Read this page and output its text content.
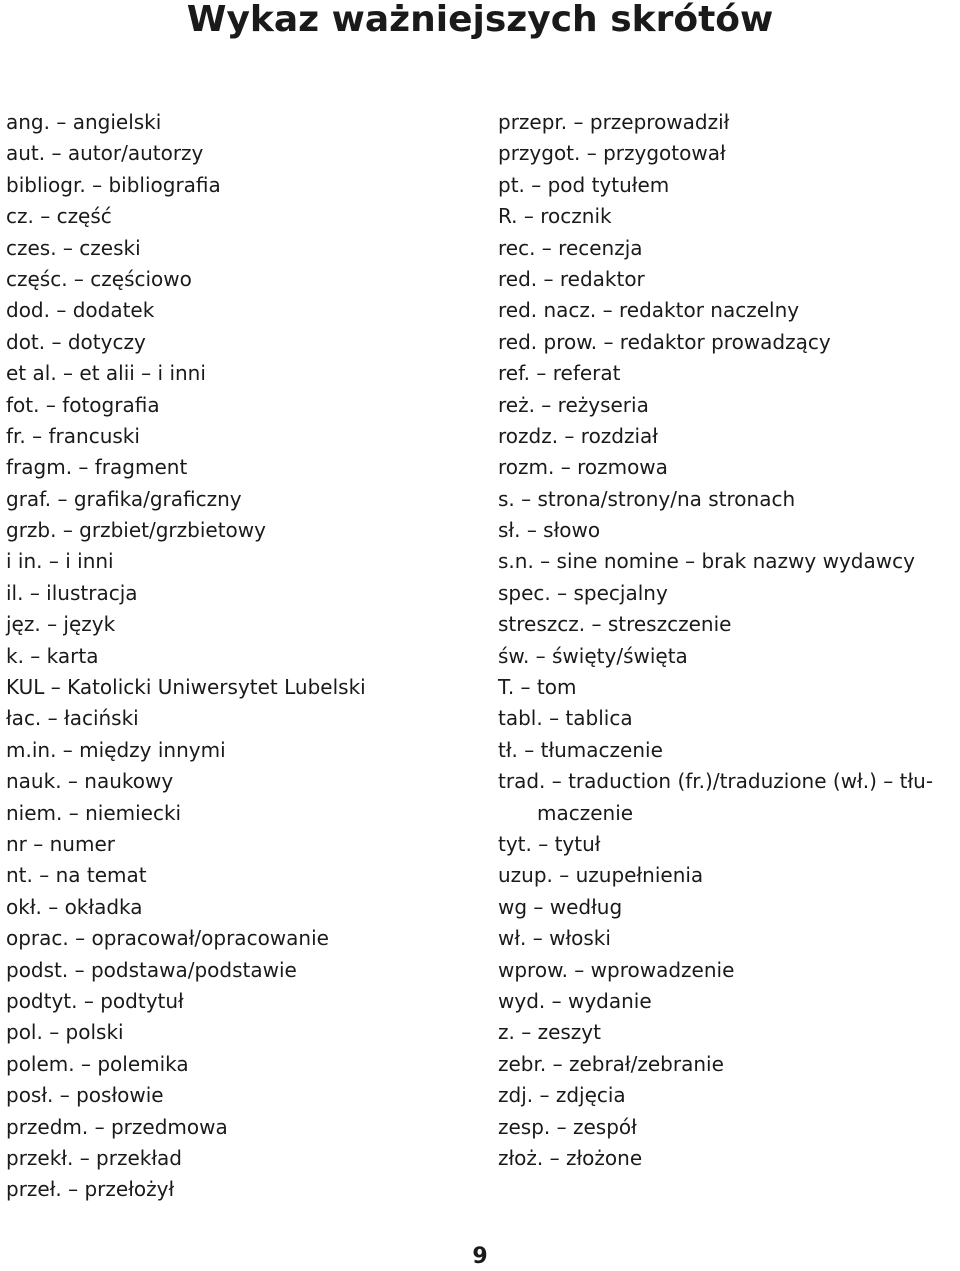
Wykaz ważniejszych skrótów
ang. – angielski
aut. – autor/autorzy
bibliogr. – bibliografia
cz. – część
czes. – czeski
częśc. – częściowo
dod. – dodatek
dot. – dotyczy
et al. – et alii – i inni
fot. – fotografia
fr. – francuski
fragm. – fragment
graf. – grafika/graficzny
grzb. – grzbiet/grzbietowy
i in. – i inni
il. – ilustracja
jęz. – język
k. – karta
KUL – Katolicki Uniwersytet Lubelski
łac. – łaciński
m.in. – między innymi
nauk. – naukowy
niem. – niemiecki
nr – numer
nt. – na temat
okł. – okładka
oprac. – opracował/opracowanie
podst. – podstawa/podstawie
podtyt. – podtytuł
pol. – polski
polem. – polemika
posł. – posłowie
przedm. – przedmowa
przekł. – przekład
przeł. – przełożył
przepr. – przeprowadził
przygot. – przygotował
pt. – pod tytułem
R. – rocznik
rec. – recenzja
red. – redaktor
red. nacz. – redaktor naczelny
red. prow. – redaktor prowadzący
ref. – referat
reż. – reżyseria
rozdz. – rozdział
rozm. – rozmowa
s. – strona/strony/na stronach
sł. – słowo
s.n. – sine nomine – brak nazwy wydawcy
spec. – specjalny
streszcz. – streszczenie
św. – święty/święta
T. – tom
tabl. – tablica
tł. – tłumaczenie
trad. – traduction (fr.)/traduzione (wł.) – tłu-
maczenie
tyt. – tytuł
uzup. – uzupełnienia
wg – według
wł. – włoski
wprow. – wprowadzenie
wyd. – wydanie
z. – zeszyt
zebr. – zebrał/zebranie
zdj. – zdjęcia
zesp. – zespół
złoż. – złożone
9
